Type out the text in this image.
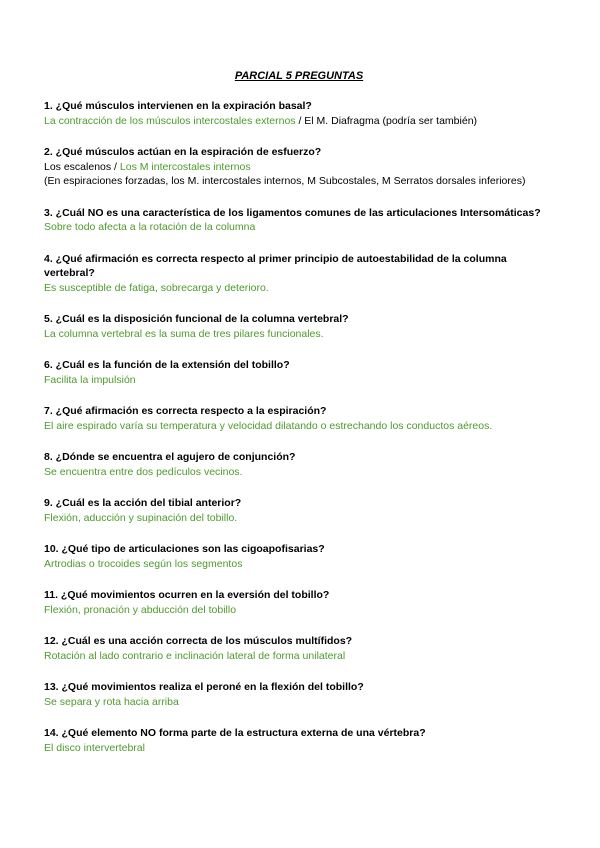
PARCIAL 5 PREGUNTAS
1. ¿Qué músculos intervienen en la expiración basal?
La contracción de los músculos intercostales externos / El M. Diafragma (podría ser también)
2. ¿Qué músculos actúan en la espiración de esfuerzo?
Los escalenos / Los M intercostales internos
(En espiraciones forzadas, los M. intercostales internos, M Subcostales, M Serratos dorsales inferiores)
3. ¿Cuál NO es una característica de los ligamentos comunes de las articulaciones Intersomáticas?
Sobre todo afecta a la rotación de la columna
4. ¿Qué afirmación es correcta respecto al primer principio de autoestabilidad de la columna vertebral?
Es susceptible de fatiga, sobrecarga y deterioro.
5. ¿Cuál es la disposición funcional de la columna vertebral?
La columna vertebral es la suma de tres pilares funcionales.
6. ¿Cuál es la función de la extensión del tobillo?
Facilita la impulsión
7. ¿Qué afirmación es correcta respecto a la espiración?
El aire espirado varía su temperatura y velocidad dilatando o estrechando los conductos aéreos.
8. ¿Dónde se encuentra el agujero de conjunción?
Se encuentra entre dos pedículos vecinos.
9. ¿Cuál es la acción del tibial anterior?
Flexión, aducción y supinación del tobillo.
10. ¿Qué tipo de articulaciones son las cigoapofisarias?
Artrodias o trocoides según los segmentos
11. ¿Qué movimientos ocurren en la eversión del tobillo?
Flexión, pronación y abducción del tobillo
12. ¿Cuál es una acción correcta de los músculos multífidos?
Rotación al lado contrario e inclinación lateral de forma unilateral
13. ¿Qué movimientos realiza el peroné en la flexión del tobillo?
Se separa y rota hacia arriba
14. ¿Qué elemento NO forma parte de la estructura externa de una vértebra?
El disco intervertebral
